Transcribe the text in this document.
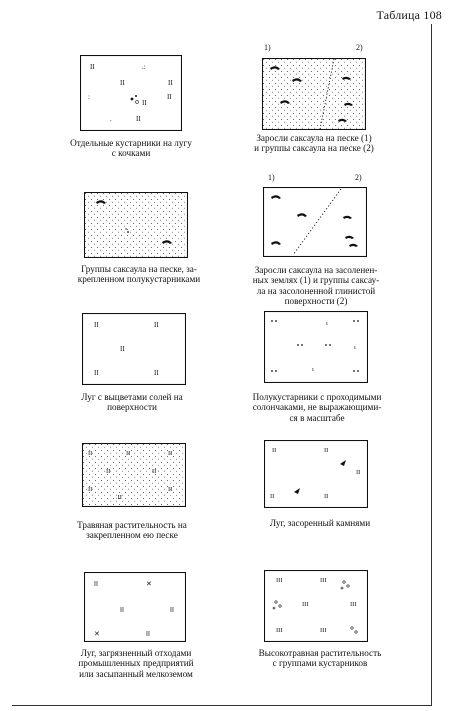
Таблица 108
II	.:
II	II
:	II
II
II
.
Отдельные кустарники на лугу
с кочками
1)	2)
Заросли саксаула на песке (1)
и группы саксаула на песке (2)
Группы саксаула на песке, за-
крепленном полукустарниками
1)	2)
Заросли саксаула на засоленен-
ных землях (1) и группы саксау-
ла на засолоненной глинистой
поверхности (2)
II	II
II
II	II
Луг с выцветами солей на
поверхности
ı
ı
ı
Полукустарники с проходимыми
солончаками, не выражающими-
ся в масштабе
II	II	II
II	II
II
.II
II
Травяная растительность на
закрепленном ею песке
II	II
II
II
II
Луг, засоренный камнями
II	✕
II	II
✕	II
Луг, загрязненный отходами
промышленных предприятий
или засыпанный мелкоземом
III	III
III	III
III	III
Высокотравная растительность
с группами кустарников
